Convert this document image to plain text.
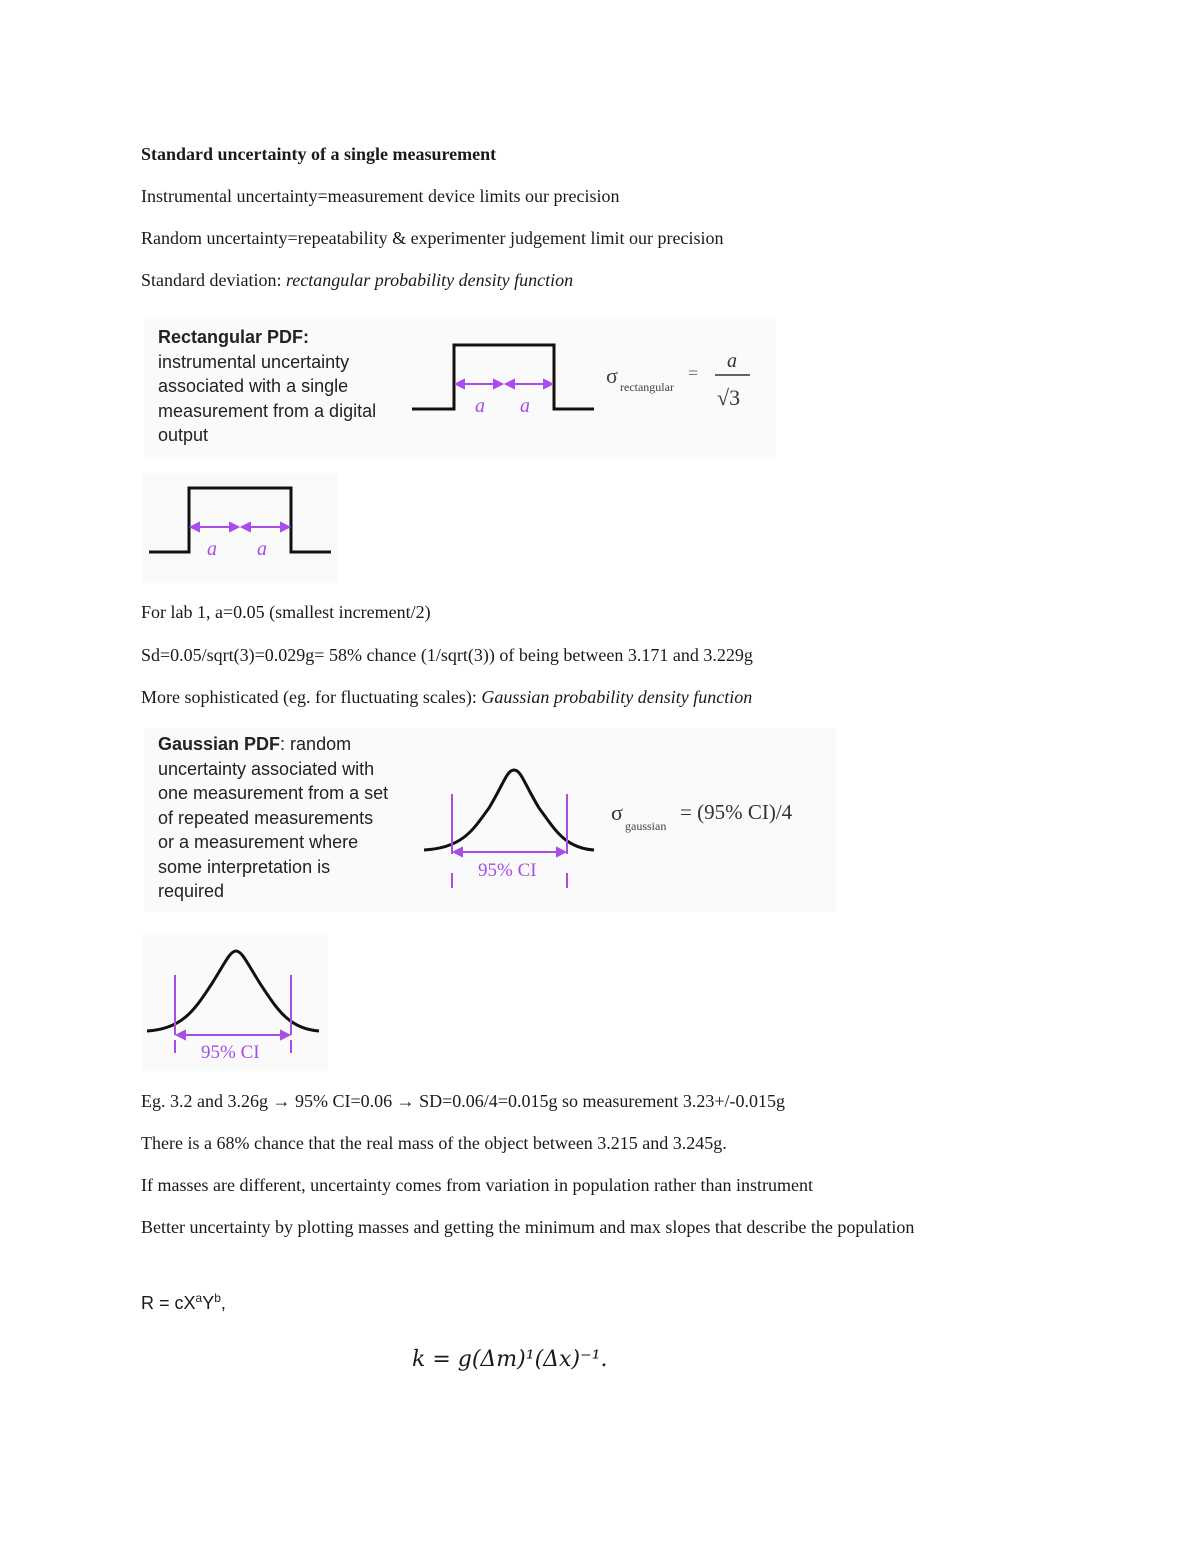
Standard uncertainty of a single measurement
Instrumental uncertainty=measurement device limits our precision
Random uncertainty=repeatability & experimenter judgement limit our precision
Standard deviation: rectangular probability density function
Rectangular PDF:
instrumental uncertainty
associated with a single
measurement from a digital
output
a a
σ rectangular
=
a
√3
a a
For lab 1, a=0.05 (smallest increment/2)
Sd=0.05/sqrt(3)=0.029g= 58% chance (1/sqrt(3)) of being between 3.171 and 3.229g
More sophisticated (eg. for fluctuating scales): Gaussian probability density function
Gaussian PDF: random
uncertainty associated with
one measurement from a set
of repeated measurements
or a measurement where
some interpretation is
required
95% CI
σ
gaussian
= (95% CI)/4
95% CI
Eg. 3.2 and 3.26g → 95% CI=0.06 → SD=0.06/4=0.015g so measurement 3.23+/-0.015g
There is a 68% chance that the real mass of the object between 3.215 and 3.245g.
If masses are different, uncertainty comes from variation in population rather than instrument
Better uncertainty by plotting masses and getting the minimum and max slopes that describe the population
$R = cX^aY^b$,
k = g(Δm)¹(Δx)⁻¹.
